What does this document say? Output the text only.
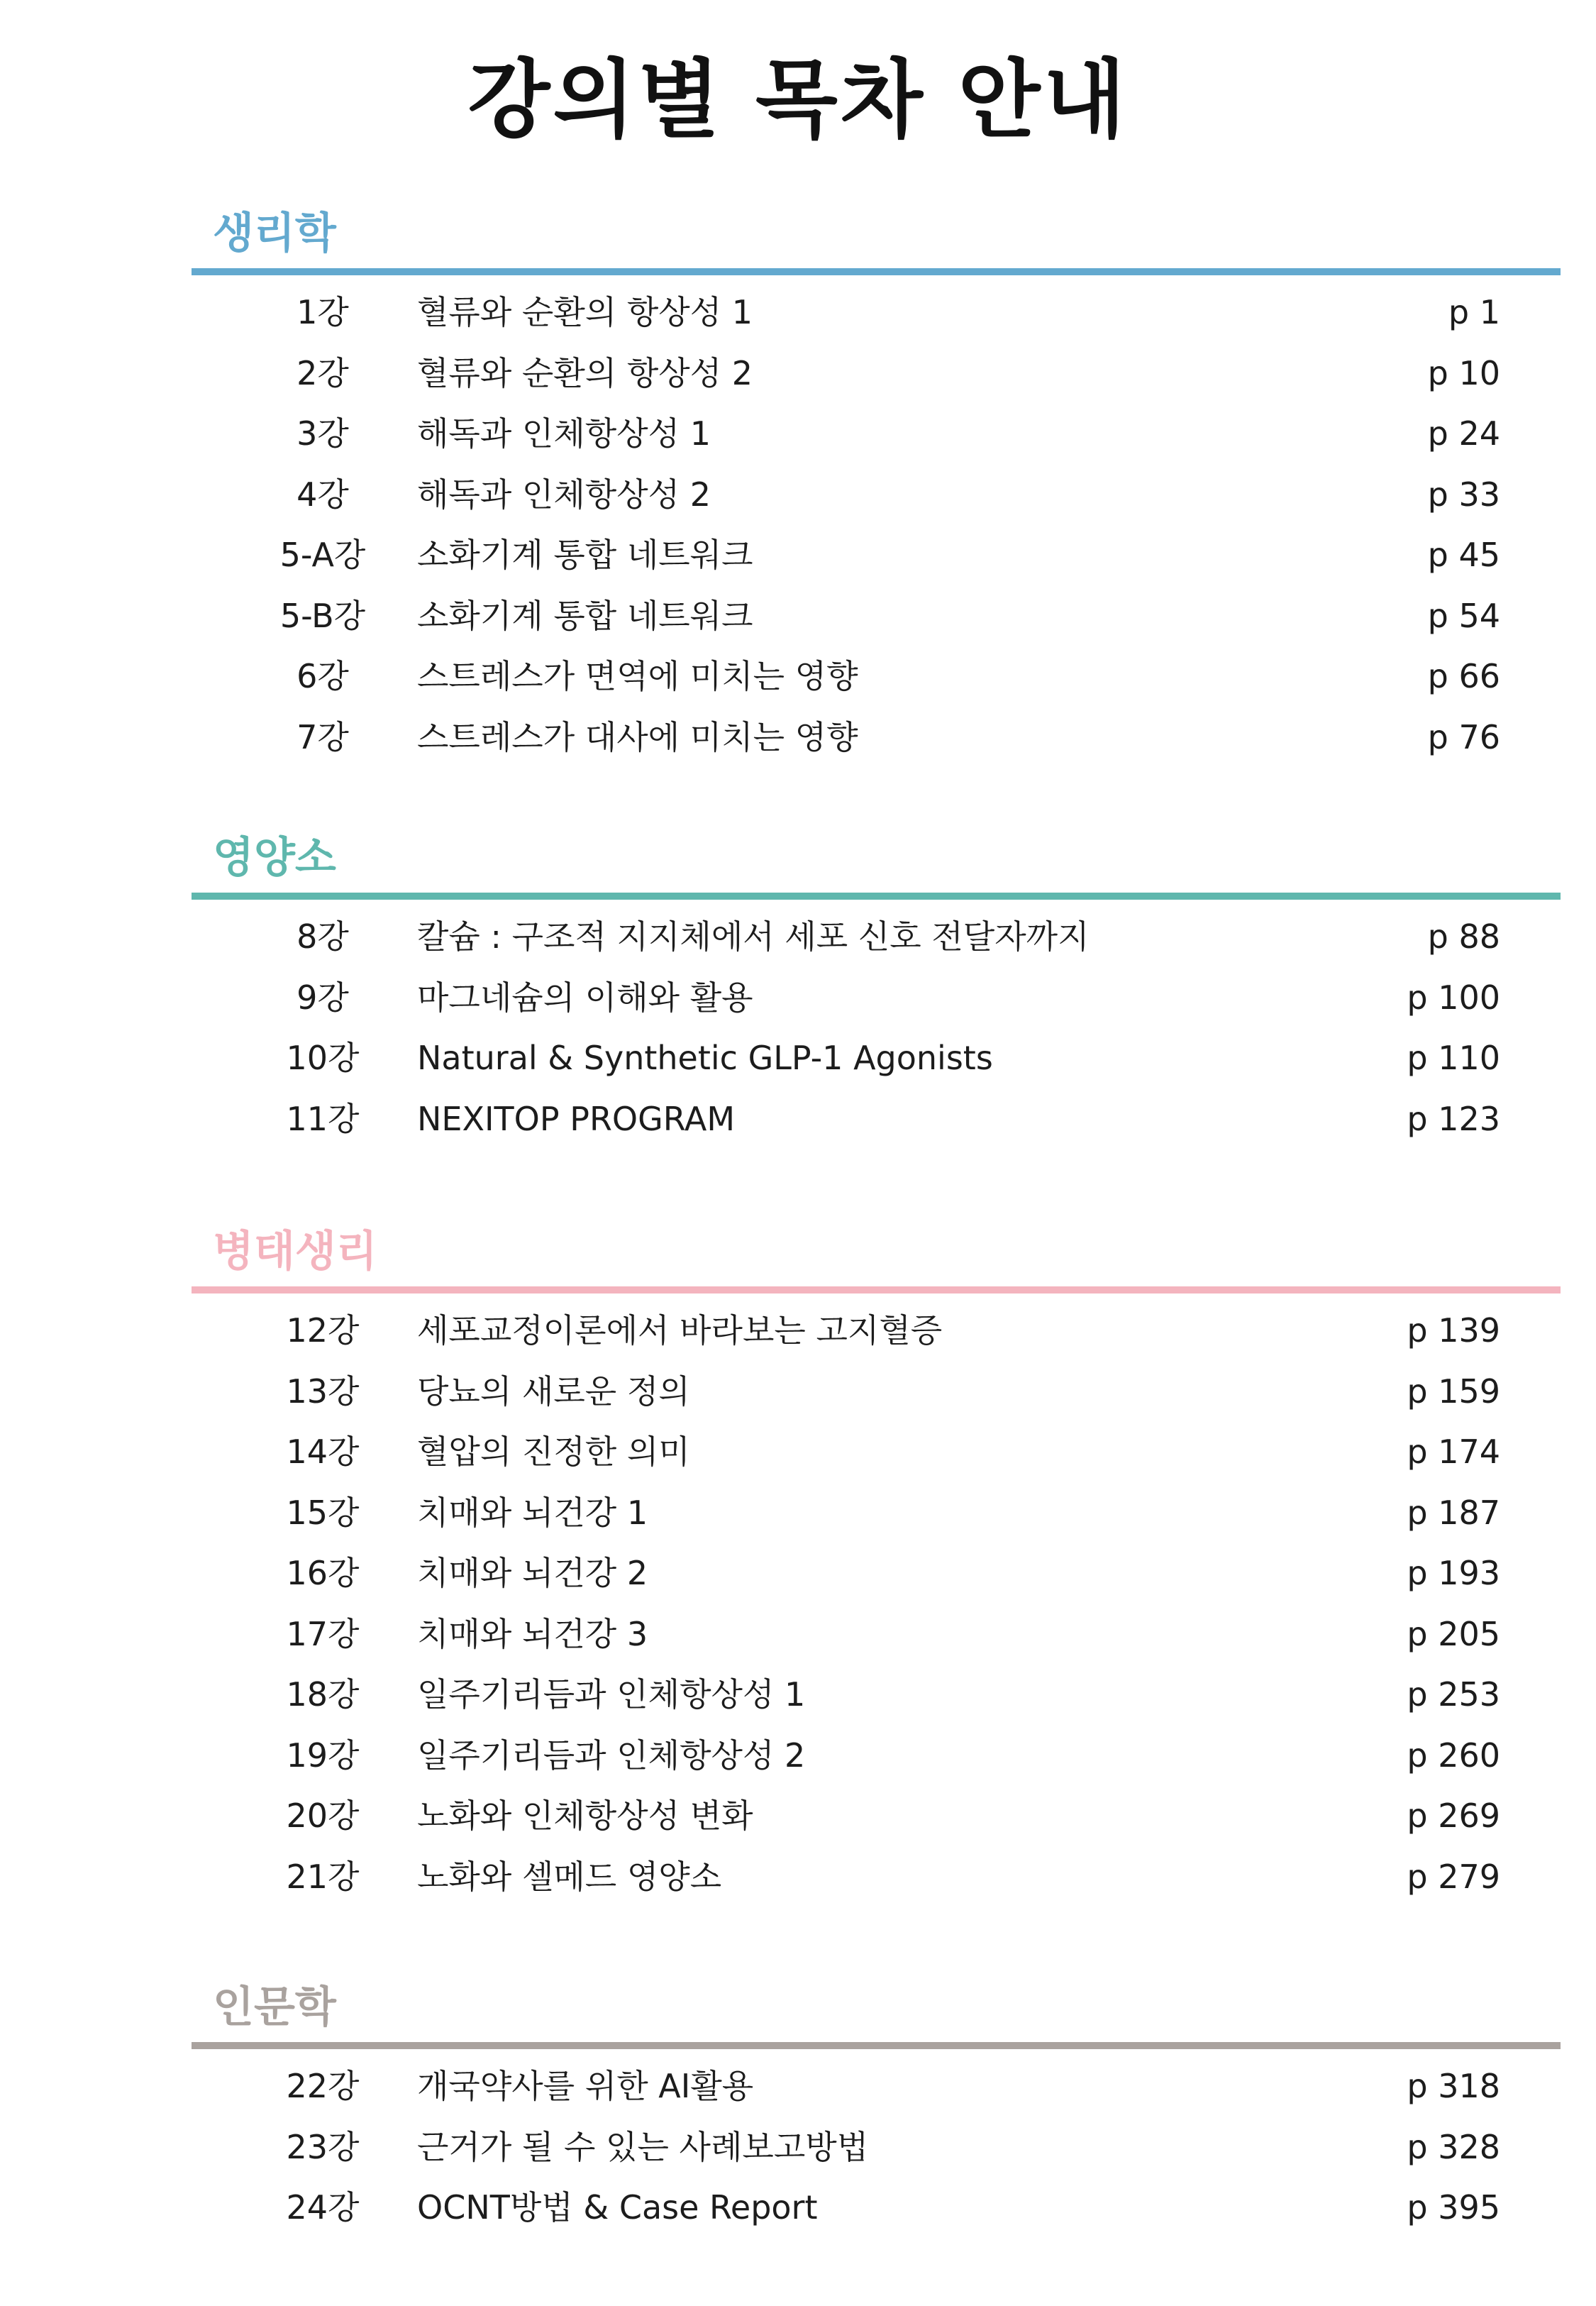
강의별 목차 안내
생리학
1강	혈류와 순환의 항상성 1	p 1
2강	혈류와 순환의 항상성 2	p 10
3강	해독과 인체항상성 1	p 24
4강	해독과 인체항상성 2	p 33
5-A강	소화기계 통합 네트워크	p 45
5-B강	소화기계 통합 네트워크	p 54
6강	스트레스가 면역에 미치는 영향	p 66
7강	스트레스가 대사에 미치는 영향	p 76
영양소
8강	칼슘 : 구조적 지지체에서 세포 신호 전달자까지	p 88
9강	마그네슘의 이해와 활용	p 100
10강	Natural & Synthetic GLP-1 Agonists	p 110
11강	NEXITOP PROGRAM	p 123
병태생리
12강	세포교정이론에서 바라보는 고지혈증	p 139
13강	당뇨의 새로운 정의	p 159
14강	혈압의 진정한 의미	p 174
15강	치매와 뇌건강 1	p 187
16강	치매와 뇌건강 2	p 193
17강	치매와 뇌건강 3	p 205
18강	일주기리듬과 인체항상성 1	p 253
19강	일주기리듬과 인체항상성 2	p 260
20강	노화와 인체항상성 변화	p 269
21강	노화와 셀메드 영양소	p 279
인문학
22강	개국약사를 위한 AI활용	p 318
23강	근거가 될 수 있는 사례보고방법	p 328
24강	OCNT방법 & Case Report	p 395
